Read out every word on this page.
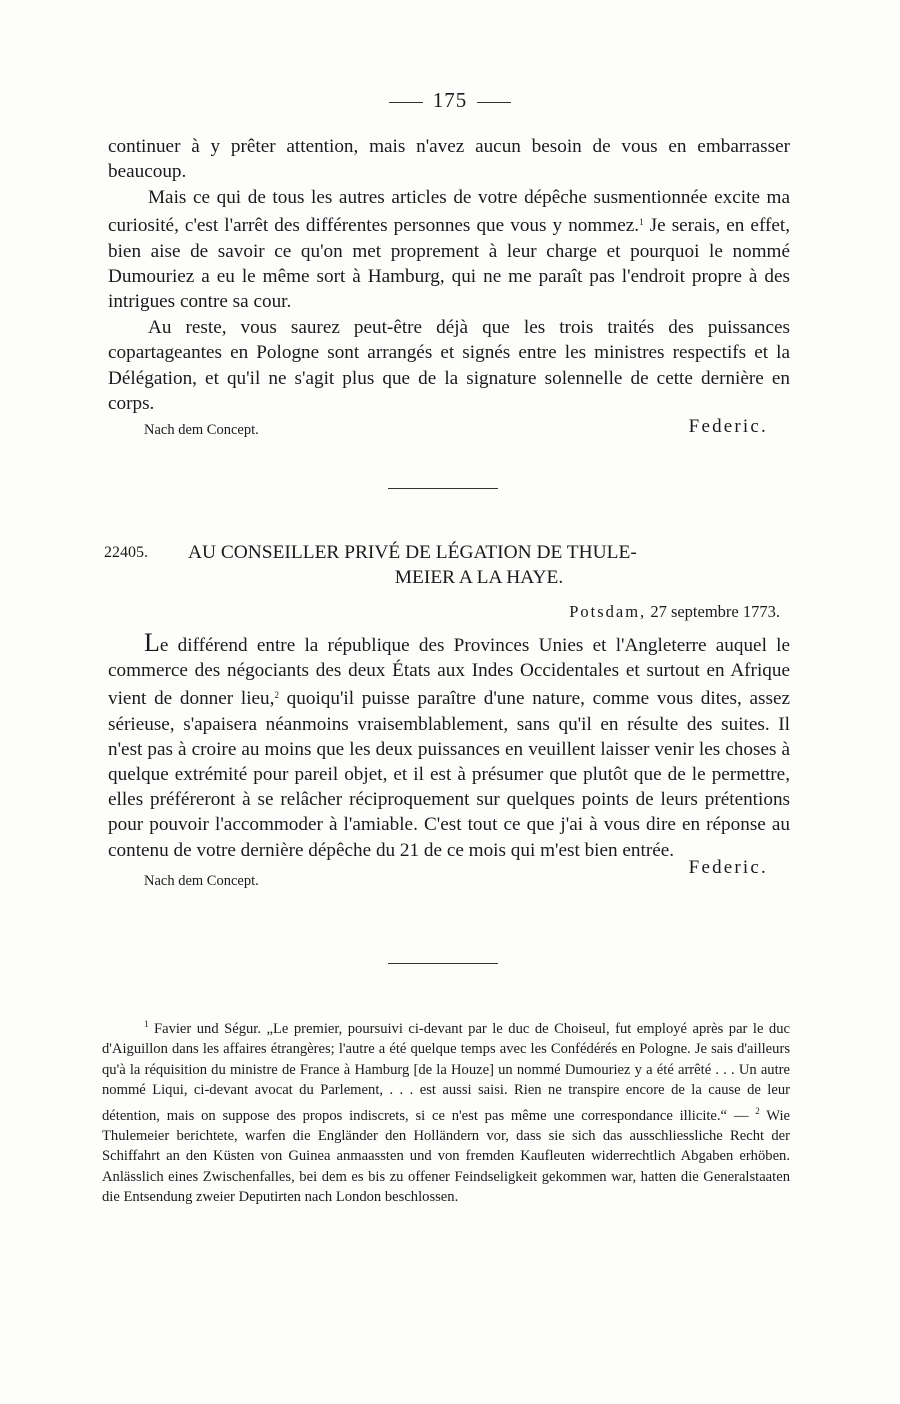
175

continuer à y prêter attention, mais n'avez aucun besoin de vous en embarrasser beaucoup.

Mais ce qui de tous les autres articles de votre dépêche susmentionnée excite ma curiosité, c'est l'arrêt des différentes personnes que vous y nommez.$^1$ Je serais, en effet, bien aise de savoir ce qu'on met proprement à leur charge et pourquoi le nommé Dumouriez a eu le même sort à Hamburg, qui ne me paraît pas l'endroit propre à des intrigues contre sa cour.

Au reste, vous saurez peut-être déjà que les trois traités des puissances copartageantes en Pologne sont arrangés et signés entre les ministres respectifs et la Délégation, et qu'il ne s'agit plus que de la signature solennelle de cette dernière en corps.

Nach dem Concept.	Federic.
22405.	AU CONSEILLER PRIVÉ DE LÉGATION DE THULE-
MEIER A LA HAYE.
Potsdam, 27 septembre 1773.

Le différend entre la république des Provinces Unies et l'Angleterre auquel le commerce des négociants des deux États aux Indes Occidentales et surtout en Afrique vient de donner lieu,$^2$ quoiqu'il puisse paraître d'une nature, comme vous dites, assez sérieuse, s'apaisera néanmoins vraisemblablement, sans qu'il en résulte des suites. Il n'est pas à croire au moins que les deux puissances en veuillent laisser venir les choses à quelque extrémité pour pareil objet, et il est à présumer que plutôt que de le permettre, elles préféreront à se relâcher réciproquement sur quelques points de leurs prétentions pour pouvoir l'accommoder à l'amiable. C'est tout ce que j'ai à vous dire en réponse au contenu de votre dernière dépêche du 21 de ce mois qui m'est bien entrée.

Nach dem Concept.
Federic.

$^1$ Favier und Ségur. „Le premier, poursuivi ci-devant par le duc de Choiseul, fut employé après par le duc d'Aiguillon dans les affaires étrangères; l'autre a été quelque temps avec les Confédérés en Pologne. Je sais d'ailleurs qu'à la réquisition du ministre de France à Hamburg [de la Houze] un nommé Dumouriez y a été arrêté . . . Un autre nommé Liqui, ci-devant avocat du Parlement, . . . est aussi saisi. Rien ne transpire encore de la cause de leur détention, mais on suppose des propos indiscrets, si ce n'est pas même une correspondance illicite.“ — $^2$ Wie Thulemeier berichtete, warfen die Engländer den Holländern vor, dass sie sich das ausschliessliche Recht der Schiffahrt an den Küsten von Guinea anmaassten und von fremden Kaufleuten widerrechtlich Abgaben erhöben. Anlässlich eines Zwischenfalles, bei dem es bis zu offener Feindseligkeit gekommen war, hatten die Generalstaaten die Entsendung zweier Deputirten nach London beschlossen.
